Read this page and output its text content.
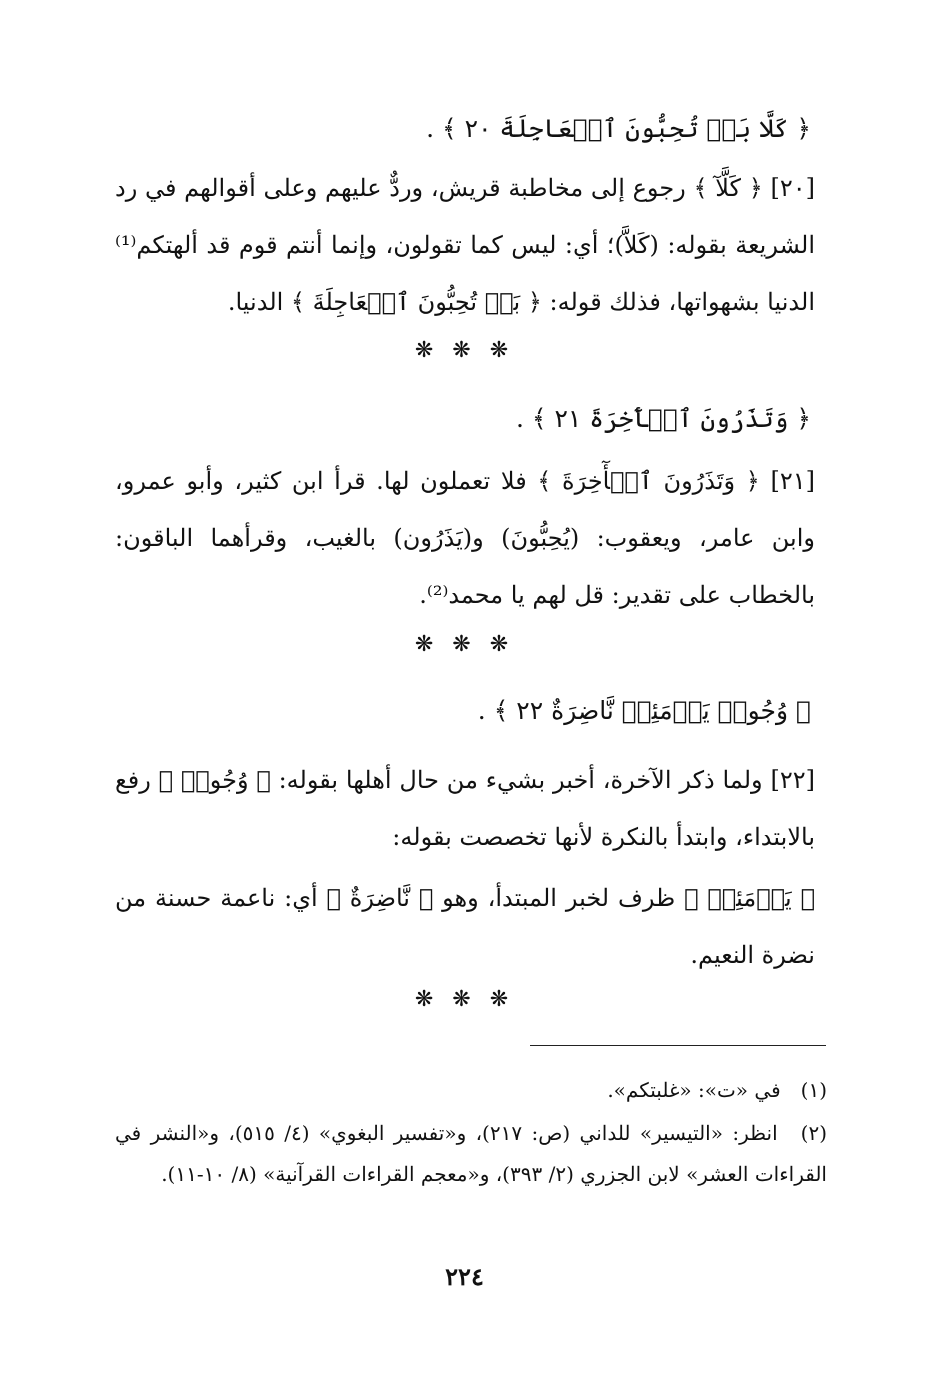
﴿ كَلَّا بَلۡ تُحِبُّونَ ٱلۡعَاجِلَةَ ٢٠ ﴾ .
[٢٠] ﴿ كَلَّآ ﴾ رجوع إلى مخاطبة قريش، وردٌّ عليهم وعلى أقوالهم في رد الشريعة بقوله: (كَلاَّ)؛ أي: ليس كما تقولون، وإنما أنتم قوم قد ألهتكم⁽¹⁾ الدنيا بشهواتها، فذلك قوله: ﴿ بَلۡ تُحِبُّونَ ٱلۡعَاجِلَةَ ﴾ الدنيا.
❋ ❋ ❋
﴿ وَتَذَرُونَ ٱلۡأٓخِرَةَ ٢١ ﴾ .
[٢١] ﴿ وَتَذَرُونَ ٱلۡأٓخِرَةَ ﴾ فلا تعملون لها. قرأ ابن كثير، وأبو عمرو، وابن عامر، ويعقوب: (يُحِبُّونَ) و(يَذَرُون) بالغيب، وقرأهما الباقون: بالخطاب على تقدير: قل لهم يا محمد⁽²⁾.
❋ ❋ ❋
﴿ وُجُوهٞ يَوۡمَئِذٖ نَّاضِرَةٌ ٢٢ ﴾ .
[٢٢] ولما ذكر الآخرة، أخبر بشيء من حال أهلها بقوله: ﴿ وُجُوهٞ ﴾ رفع بالابتداء، وابتدأ بالنكرة لأنها تخصصت بقوله:
﴿ يَوۡمَئِذٖ ﴾ ظرف لخبر المبتدأ، وهو ﴿ نَّاضِرَةٌ ﴾ أي: ناعمة حسنة من نضرة النعيم.
❋ ❋ ❋
(١) في «ت»: «غلبتكم».
(٢) انظر: «التيسير» للداني (ص: ٢١٧)، و«تفسير البغوي» (٤/ ٥١٥)، و«النشر في القراءات العشر» لابن الجزري (٢/ ٣٩٣)، و«معجم القراءات القرآنية» (٨/ ١٠-١١).
٢٢٤
